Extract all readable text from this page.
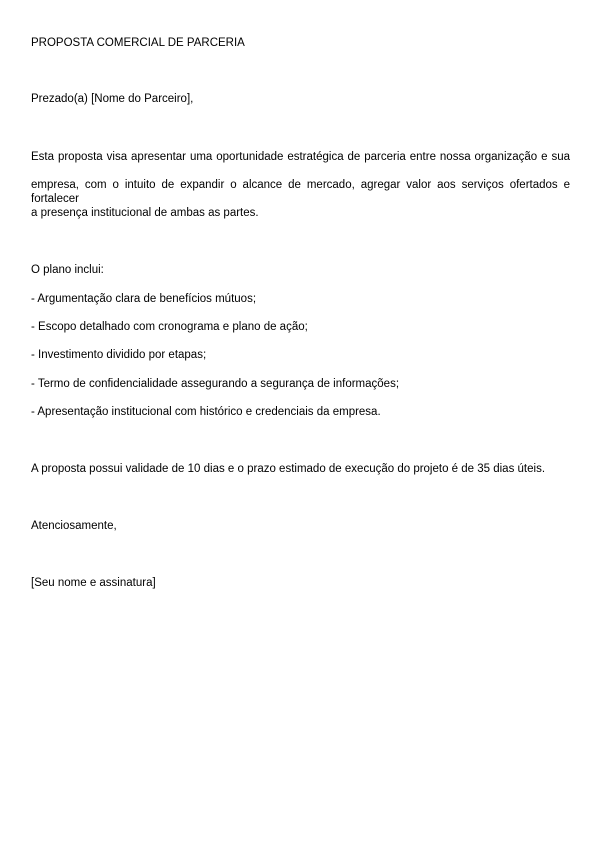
PROPOSTA COMERCIAL DE PARCERIA
Prezado(a) [Nome do Parceiro],
Esta proposta visa apresentar uma oportunidade estratégica de parceria entre nossa organização e sua
empresa, com o intuito de expandir o alcance de mercado, agregar valor aos serviços ofertados e fortalecer
a presença institucional de ambas as partes.
O plano inclui:
- Argumentação clara de benefícios mútuos;
- Escopo detalhado com cronograma e plano de ação;
- Investimento dividido por etapas;
- Termo de confidencialidade assegurando a segurança de informações;
- Apresentação institucional com histórico e credenciais da empresa.
A proposta possui validade de 10 dias e o prazo estimado de execução do projeto é de 35 dias úteis.
Atenciosamente,
[Seu nome e assinatura]
